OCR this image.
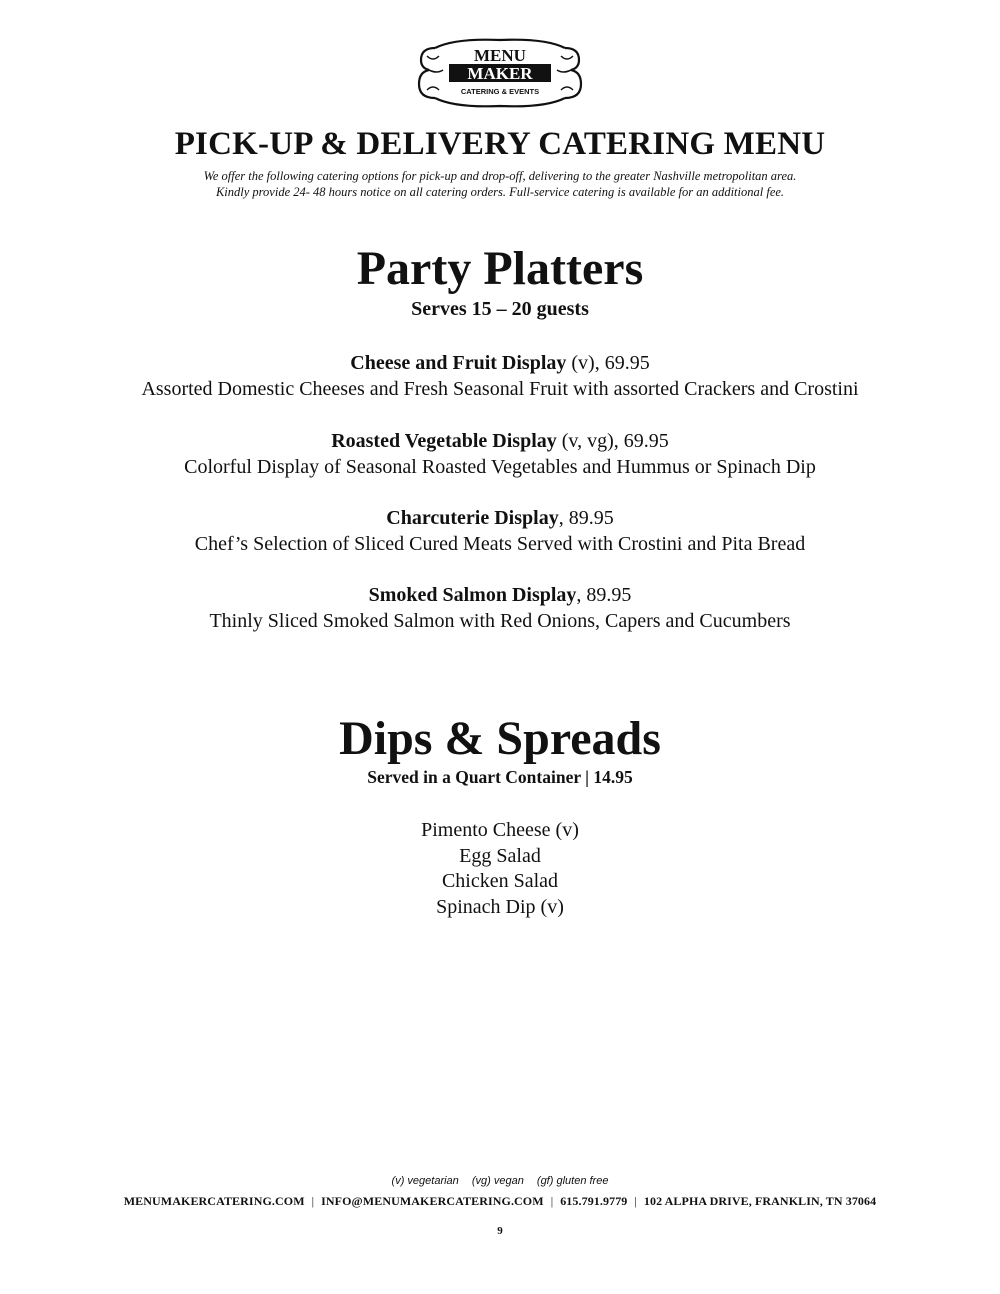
MENU
MAKER
CATERING & EVENTS
PICK-UP & DELIVERY CATERING MENU
We offer the following catering options for pick-up and drop-off, delivering to the greater Nashville metropolitan area.
Kindly provide 24- 48 hours notice on all catering orders. Full-service catering is available for an additional fee.
Party Platters
Serves 15 – 20 guests
Cheese and Fruit Display (v), 69.95
Assorted Domestic Cheeses and Fresh Seasonal Fruit with assorted Crackers and Crostini
Roasted Vegetable Display (v, vg), 69.95
Colorful Display of Seasonal Roasted Vegetables and Hummus or Spinach Dip
Charcuterie Display, 89.95
Chef’s Selection of Sliced Cured Meats Served with Crostini and Pita Bread
Smoked Salmon Display, 89.95
Thinly Sliced Smoked Salmon with Red Onions, Capers and Cucumbers
Dips & Spreads
Served in a Quart Container | 14.95
Pimento Cheese (v)
Egg Salad
Chicken Salad
Spinach Dip (v)
(v) vegetarian (vg) vegan (gf) gluten free
MENUMAKERCATERING.COM | INFO@MENUMAKERCATERING.COM | 615.791.9779 | 102 ALPHA DRIVE, FRANKLIN, TN 37064
9
